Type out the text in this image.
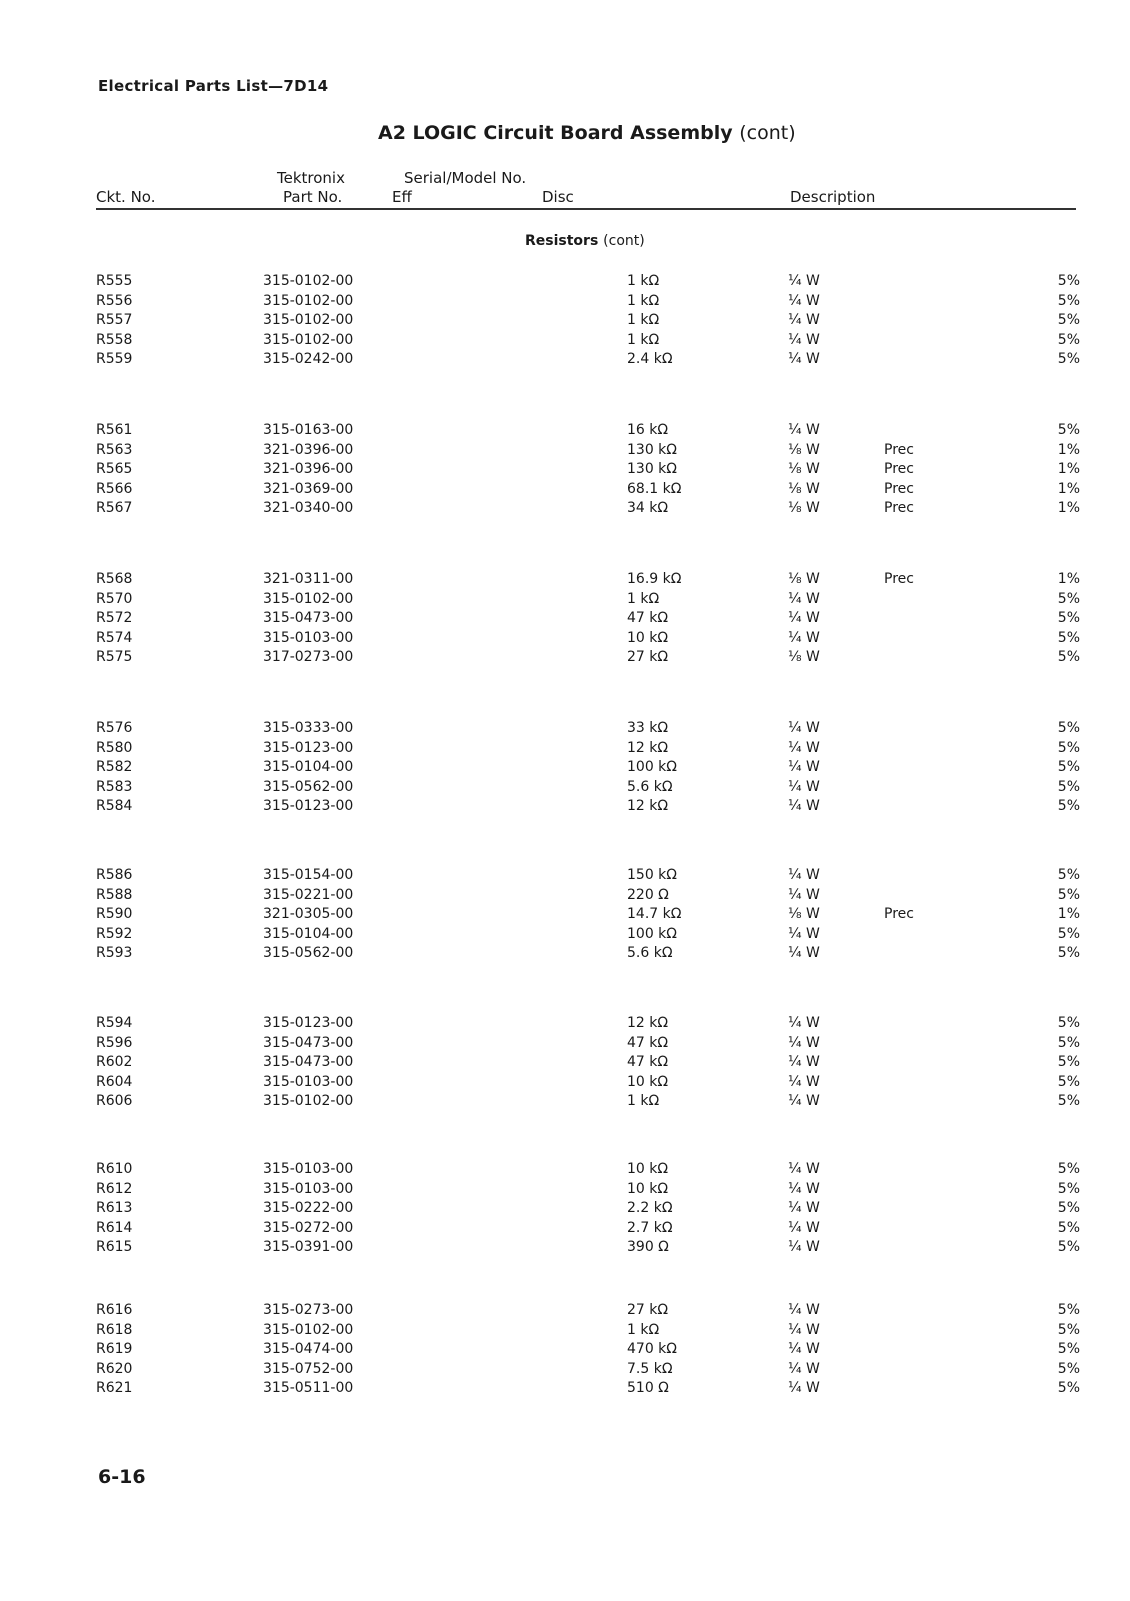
Electrical Parts List—7D14
A2 LOGIC Circuit Board Assembly (cont)
Ckt. No.
Tektronix
Part No.
Serial/Model No.
Eff	Disc	Description
Resistors (cont)
R555	315-0102-00	1 kΩ	¼ W	5%
R556	315-0102-00	1 kΩ	¼ W	5%
R557	315-0102-00	1 kΩ	¼ W	5%
R558	315-0102-00	1 kΩ	¼ W	5%
R559	315-0242-00	2.4 kΩ	¼ W	5%
R561	315-0163-00	16 kΩ	¼ W	5%
R563	321-0396-00	130 kΩ	⅛ W	Prec	1%
R565	321-0396-00	130 kΩ	⅛ W	Prec	1%
R566	321-0369-00	68.1 kΩ	⅛ W	Prec	1%
R567	321-0340-00	34 kΩ	⅛ W	Prec	1%
R568	321-0311-00	16.9 kΩ	⅛ W	Prec	1%
R570	315-0102-00	1 kΩ	¼ W	5%
R572	315-0473-00	47 kΩ	¼ W	5%
R574	315-0103-00	10 kΩ	¼ W	5%
R575	317-0273-00	27 kΩ	⅛ W	5%
R576	315-0333-00	33 kΩ	¼ W	5%
R580	315-0123-00	12 kΩ	¼ W	5%
R582	315-0104-00	100 kΩ	¼ W	5%
R583	315-0562-00	5.6 kΩ	¼ W	5%
R584	315-0123-00	12 kΩ	¼ W	5%
R586	315-0154-00	150 kΩ	¼ W	5%
R588	315-0221-00	220 Ω	¼ W	5%
R590	321-0305-00	14.7 kΩ	⅛ W	Prec	1%
R592	315-0104-00	100 kΩ	¼ W	5%
R593	315-0562-00	5.6 kΩ	¼ W	5%
R594	315-0123-00	12 kΩ	¼ W	5%
R596	315-0473-00	47 kΩ	¼ W	5%
R602	315-0473-00	47 kΩ	¼ W	5%
R604	315-0103-00	10 kΩ	¼ W	5%
R606	315-0102-00	1 kΩ	¼ W	5%
R610	315-0103-00	10 kΩ	¼ W	5%
R612	315-0103-00	10 kΩ	¼ W	5%
R613	315-0222-00	2.2 kΩ	¼ W	5%
R614	315-0272-00	2.7 kΩ	¼ W	5%
R615	315-0391-00	390 Ω	¼ W	5%
R616	315-0273-00	27 kΩ	¼ W	5%
R618	315-0102-00	1 kΩ	¼ W	5%
R619	315-0474-00	470 kΩ	¼ W	5%
R620	315-0752-00	7.5 kΩ	¼ W	5%
R621	315-0511-00	510 Ω	¼ W	5%
6-16
